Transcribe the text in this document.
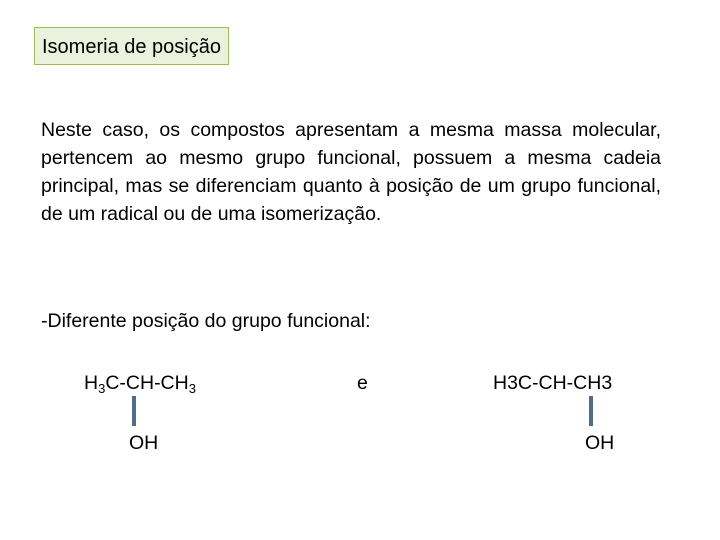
Isomeria de posição

Neste caso, os compostos apresentam a mesma massa molecular, pertencem ao mesmo grupo funcional, possuem a mesma cadeia principal, mas se diferenciam quanto à posição de um grupo funcional, de um radical ou de uma isomerização.

-Diferente posição do grupo funcional:

$H_3C-CH-CH_3$
OH
e	H3C-CH-CH3
OH
